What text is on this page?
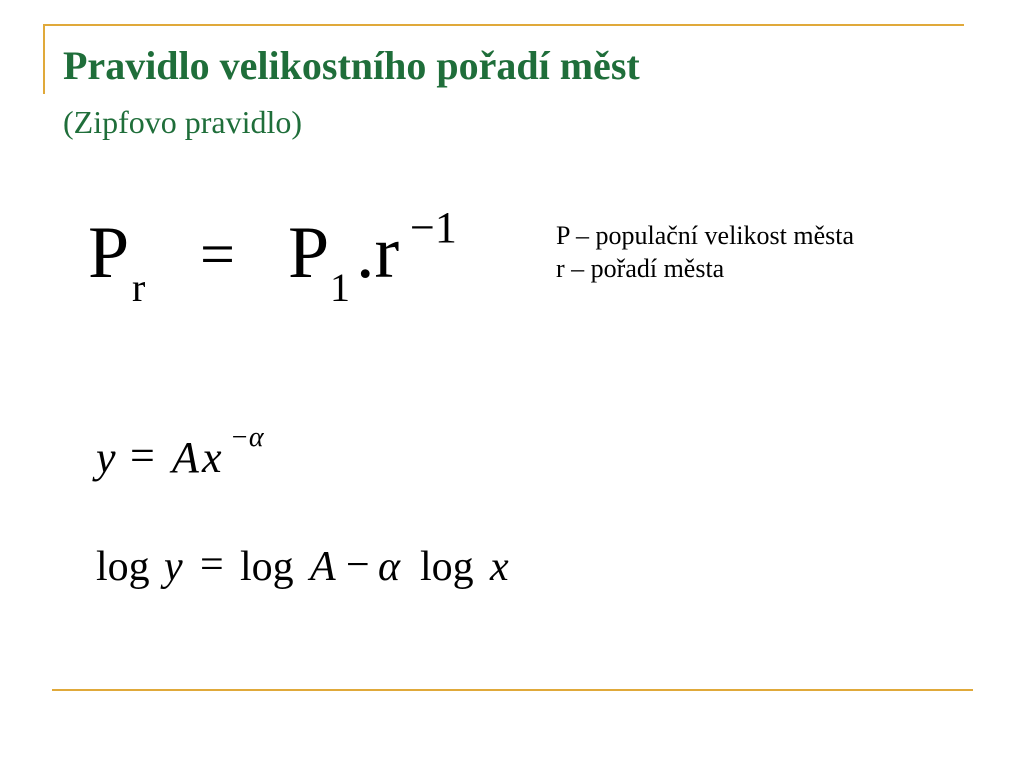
Pravidlo velikostního pořadí měst
(Zipfovo pravidlo)
P r = P 1 .r −1	P – populační velikost města
r – pořadí města
y = A x −α
log y = log A − α log x
